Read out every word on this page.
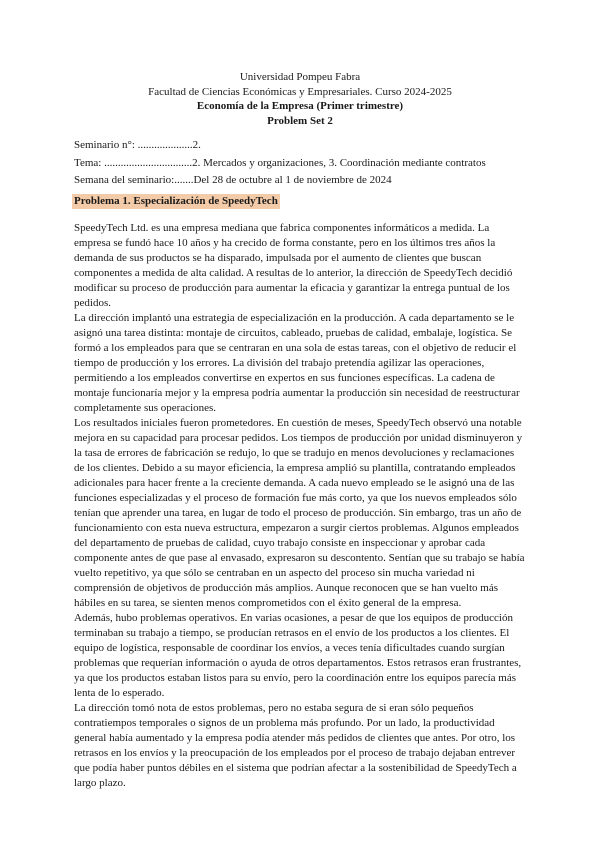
Universidad Pompeu Fabra
Facultad de Ciencias Económicas y Empresariales. Curso 2024-2025
Economía de la Empresa (Primer trimestre)
Problem Set 2
Seminario n°: ....................2.
Tema: ................................2. Mercados y organizaciones, 3. Coordinación mediante contratos
Semana del seminario:.......Del 28 de octubre al 1 de noviembre de 2024
Problema 1. Especialización de SpeedyTech

SpeedyTech Ltd. es una empresa mediana que fabrica componentes informáticos a medida. La empresa se fundó hace 10 años y ha crecido de forma constante, pero en los últimos tres años la demanda de sus productos se ha disparado, impulsada por el aumento de clientes que buscan componentes a medida de alta calidad. A resultas de lo anterior, la dirección de SpeedyTech decidió modificar su proceso de producción para aumentar la eficacia y garantizar la entrega puntual de los pedidos.

La dirección implantó una estrategia de especialización en la producción. A cada departamento se le asignó una tarea distinta: montaje de circuitos, cableado, pruebas de calidad, embalaje, logística. Se formó a los empleados para que se centraran en una sola de estas tareas, con el objetivo de reducir el tiempo de producción y los errores. La división del trabajo pretendía agilizar las operaciones, permitiendo a los empleados convertirse en expertos en sus funciones específicas. La cadena de montaje funcionaría mejor y la empresa podría aumentar la producción sin necesidad de reestructurar completamente sus operaciones.

Los resultados iniciales fueron prometedores. En cuestión de meses, SpeedyTech observó una notable mejora en su capacidad para procesar pedidos. Los tiempos de producción por unidad disminuyeron y la tasa de errores de fabricación se redujo, lo que se tradujo en menos devoluciones y reclamaciones de los clientes. Debido a su mayor eficiencia, la empresa amplió su plantilla, contratando empleados adicionales para hacer frente a la creciente demanda. A cada nuevo empleado se le asignó una de las funciones especializadas y el proceso de formación fue más corto, ya que los nuevos empleados sólo tenían que aprender una tarea, en lugar de todo el proceso de producción. Sin embargo, tras un año de funcionamiento con esta nueva estructura, empezaron a surgir ciertos problemas. Algunos empleados del departamento de pruebas de calidad, cuyo trabajo consiste en inspeccionar y aprobar cada componente antes de que pase al envasado, expresaron su descontento. Sentían que su trabajo se había vuelto repetitivo, ya que sólo se centraban en un aspecto del proceso sin mucha variedad ni comprensión de objetivos de producción más amplios. Aunque reconocen que se han vuelto más hábiles en su tarea, se sienten menos comprometidos con el éxito general de la empresa.

Además, hubo problemas operativos. En varias ocasiones, a pesar de que los equipos de producción terminaban su trabajo a tiempo, se producían retrasos en el envío de los productos a los clientes. El equipo de logística, responsable de coordinar los envíos, a veces tenía dificultades cuando surgían problemas que requerían información o ayuda de otros departamentos. Estos retrasos eran frustrantes, ya que los productos estaban listos para su envío, pero la coordinación entre los equipos parecía más lenta de lo esperado.

La dirección tomó nota de estos problemas, pero no estaba segura de si eran sólo pequeños contratiempos temporales o signos de un problema más profundo. Por un lado, la productividad general había aumentado y la empresa podía atender más pedidos de clientes que antes. Por otro, los retrasos en los envíos y la preocupación de los empleados por el proceso de trabajo dejaban entrever que podía haber puntos débiles en el sistema que podrían afectar a la sostenibilidad de SpeedyTech a largo plazo.
